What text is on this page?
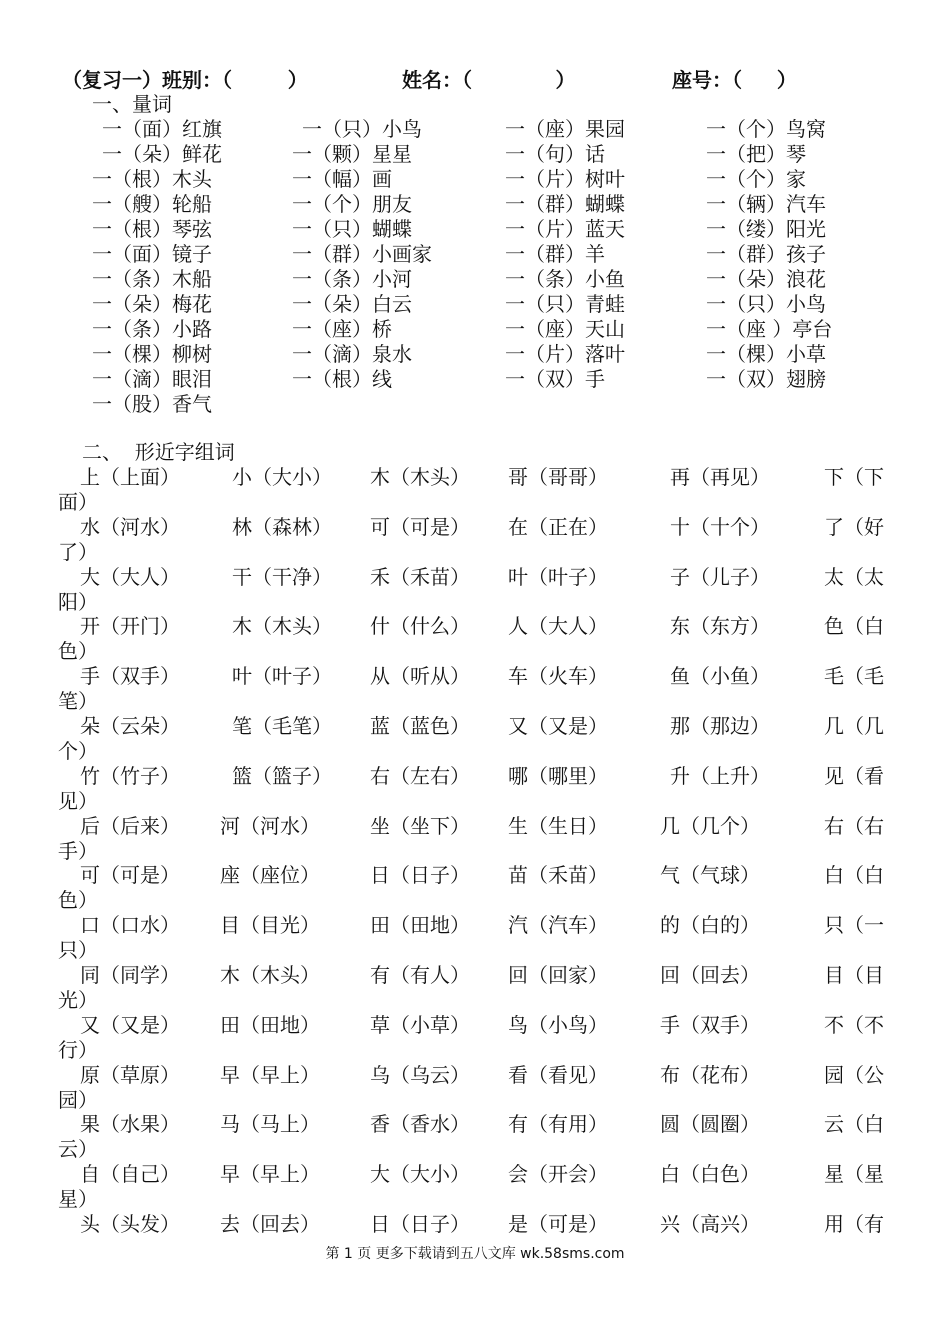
（复习一）班别：（        ）

	姓名：（            ）

	座号：（     ）

一、量词
一（面）红旗	一（只）小鸟	一（座）果园	一（个）鸟窝
一（朵）鲜花	一（颗）星星	一（句）话	一（把）琴
一（根）木头	一（幅）画	一（片）树叶	一（个）家
一（艘）轮船	一（个）朋友	一（群）蝴蝶	一（辆）汽车
一（根）琴弦	一（只）蝴蝶	一（片）蓝天	一（缕）阳光
一（面）镜子	一（群）小画家	一（群）羊	一（群）孩子
一（条）木船	一（条）小河	一（条）小鱼	一（朵）浪花
一（朵）梅花	一（朵）白云	一（只）青蛙	一（只）小鸟
一（条）小路	一（座）桥	一（座）天山	一（座 ）亭台
一（棵）柳树	一（滴）泉水	一（片）落叶	一（棵）小草
一（滴）眼泪	一（根）线	一（双）手	一（双）翅膀
一（股）香气
二、  形近字组词
上（上面）	小（大小） 木（木头） 哥（哥哥）	再（再见）	下（下
面）
水（河水）	林（森林） 可（可是） 在（正在）	十（十个）	了（好
了）
大（大人）	干（干净） 禾（禾苗） 叶（叶子）	子（儿子）	太（太
阳）
开（开门）	木（木头） 什（什么） 人（大人）	东（东方）	色（白
色）
手（双手）	叶（叶子） 从（听从） 车（火车）	鱼（小鱼）	毛（毛
笔）
朵（云朵）	笔（毛笔） 蓝（蓝色） 又（又是）	那（那边）	几（几
个）
竹（竹子）	篮（篮子） 右（左右） 哪（哪里）	升（上升）	见（看
见）
后（后来） 河（河水）	坐（坐下） 生（生日）	几（几个）	右（右
手）
可（可是） 座（座位）	日（日子） 苗（禾苗）	气（气球）	白（白
色）
口（口水） 目（目光）	田（田地） 汽（汽车）	的（白的）	只（一
只）
同（同学） 木（木头）	有（有人） 回（回家）	回（回去）	目（目
光）
又（又是） 田（田地）	草（小草） 鸟（小鸟）	手（双手）	不（不
行）
原（草原） 早（早上）	乌（乌云） 看（看见）	布（花布）	园（公
园）
果（水果） 马（马上）	香（香水） 有（有用）	圆（圆圈）	云（白
云）
自（自己） 早（早上）	大（大小） 会（开会）	白（白色）	星（星
星）
头（头发） 去（回去）	日（日子） 是（可是）	兴（高兴）	用（有
第 1 页 更多下载请到五八文库 wk.58sms.com
